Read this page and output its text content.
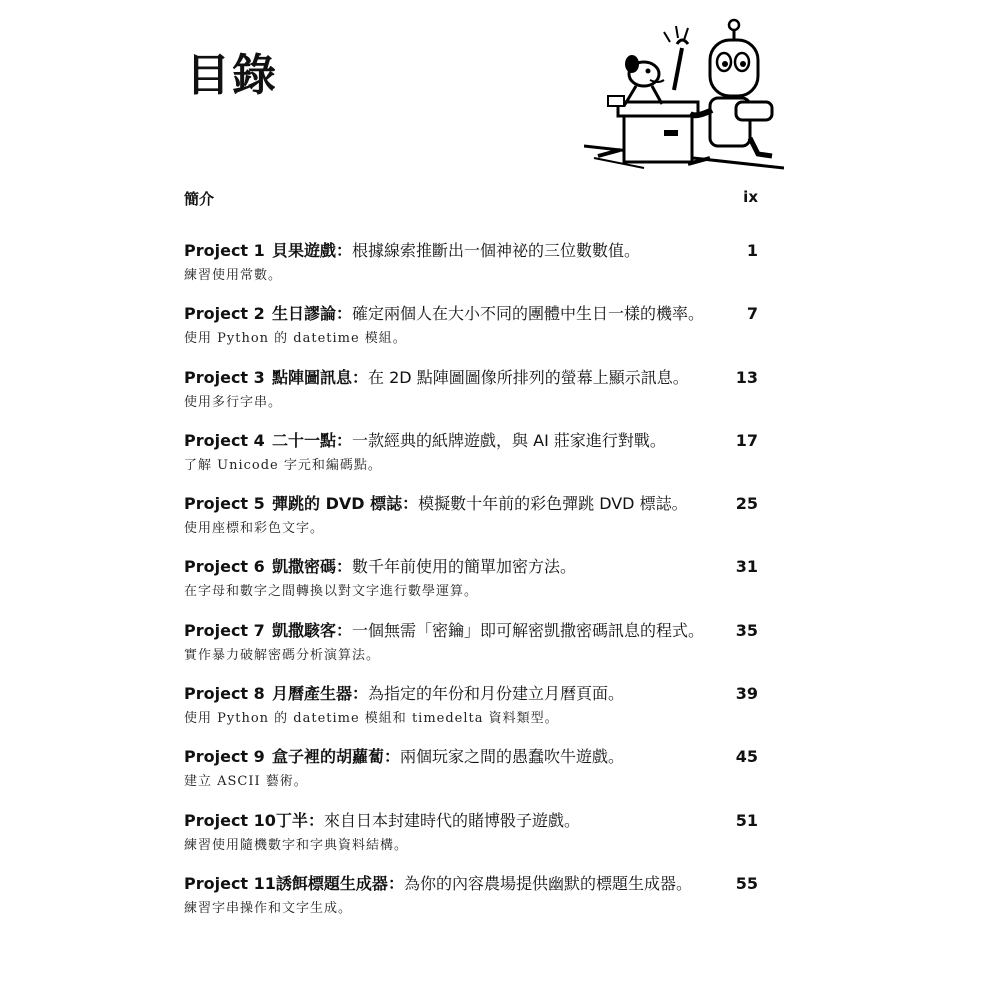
目錄
簡介	ix
Project 1 貝果遊戲：根據線索推斷出一個神祕的三位數數值。	1
練習使用常數。
Project 2 生日謬論：確定兩個人在大小不同的團體中生日一樣的機率。	7
使用 Python 的 datetime 模組。
Project 3 點陣圖訊息：在 2D 點陣圖圖像所排列的螢幕上顯示訊息。	13
使用多行字串。
Project 4 二十一點：一款經典的紙牌遊戲，與 AI 莊家進行對戰。	17
了解 Unicode 字元和編碼點。
Project 5 彈跳的 DVD 標誌：模擬數十年前的彩色彈跳 DVD 標誌。	25
使用座標和彩色文字。
Project 6 凱撒密碼：數千年前使用的簡單加密方法。	31
在字母和數字之間轉換以對文字進行數學運算。
Project 7 凱撒駭客：一個無需「密鑰」即可解密凱撒密碼訊息的程式。 35
實作暴力破解密碼分析演算法。
Project 8 月曆產生器：為指定的年份和月份建立月曆頁面。	39
使用 Python 的 datetime 模組和 timedelta 資料類型。
Project 9 盒子裡的胡蘿蔔：兩個玩家之間的愚蠢吹牛遊戲。	45
建立 ASCII 藝術。
Project 10丁半：來自日本封建時代的賭博骰子遊戲。	51
練習使用隨機數字和字典資料結構。
Project 11誘餌標題生成器：為你的內容農場提供幽默的標題生成器。	55
練習字串操作和文字生成。
